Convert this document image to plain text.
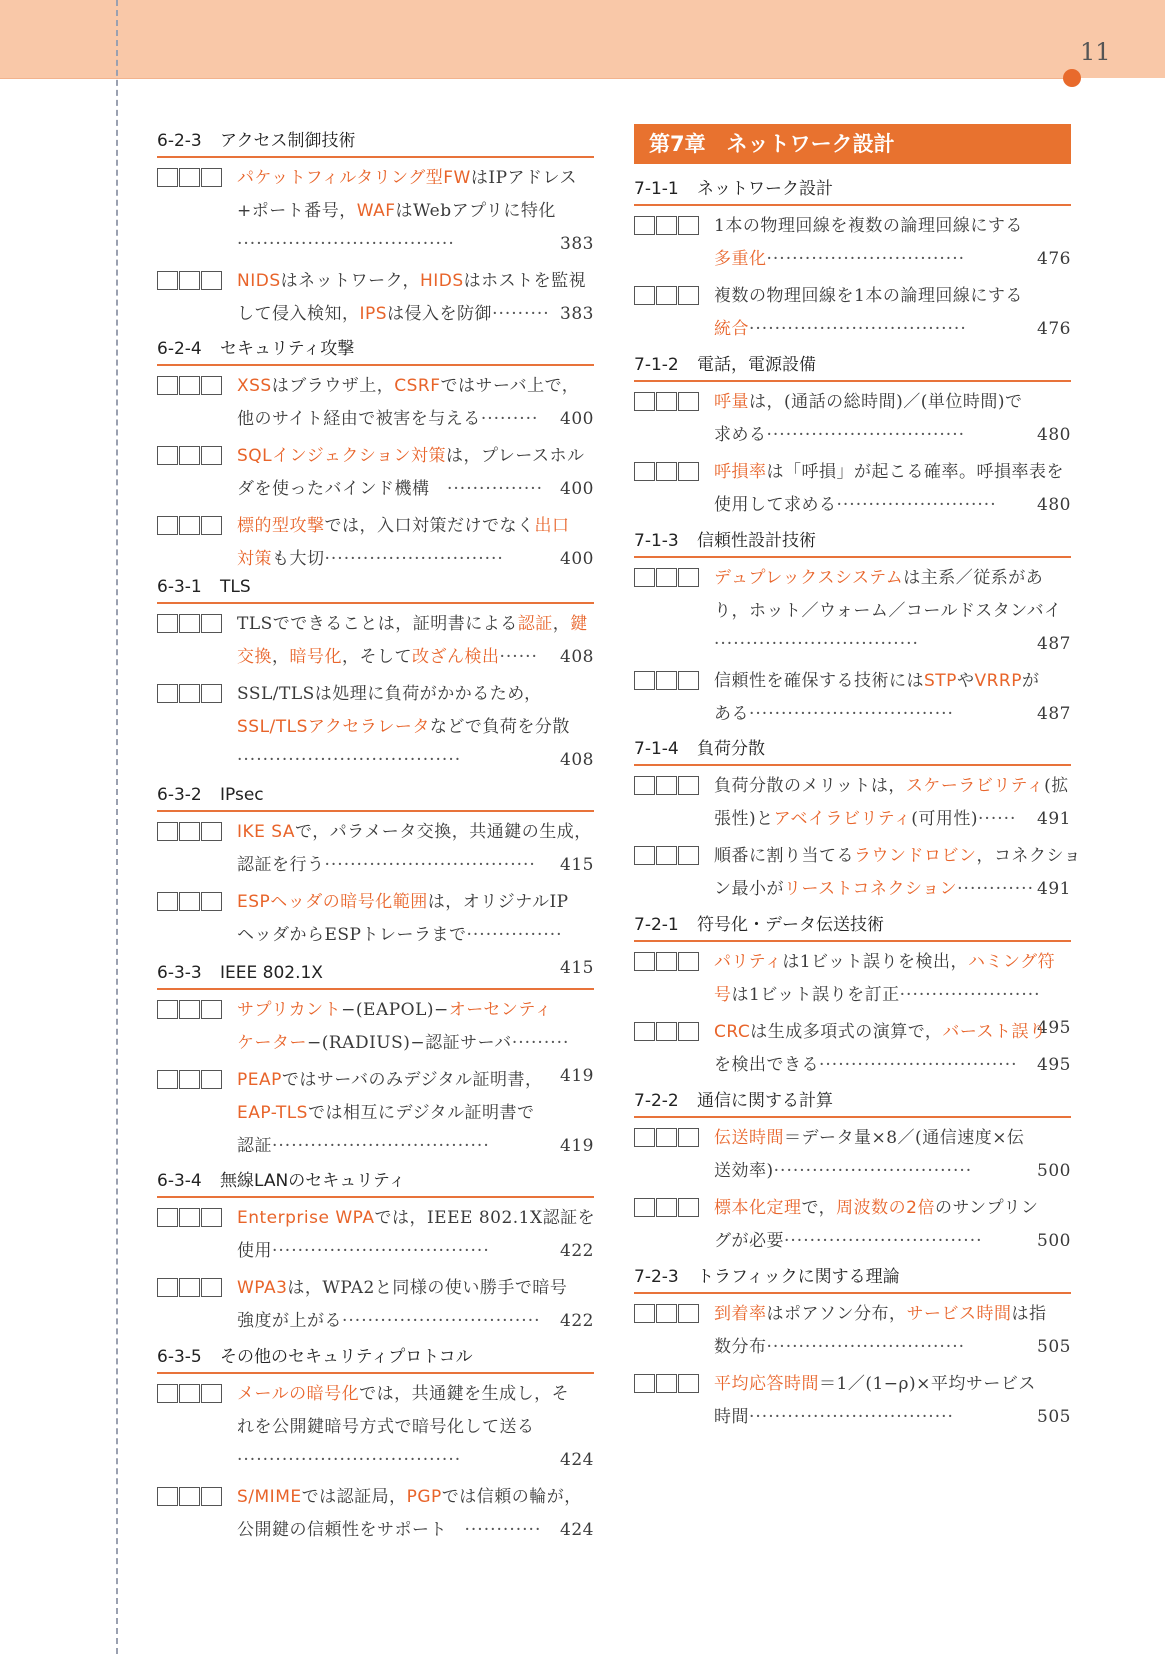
11
6-2-3 アクセス制御技術
パケットフィルタリング型FWはIPアドレス
+ポート番号，WAFはWebアプリに特化
··································	383
NIDSはネットワーク，HIDSはホストを監視
して侵入検知，IPSは侵入を防御········· 383
6-2-4 セキュリティ攻撃
XSSはブラウザ上，CSRFではサーバ上で，
他のサイト経由で被害を与える········· 400
SQLインジェクション対策は，プレースホル
ダを使ったバインド機構　··············· 400
標的型攻撃では，入口対策だけでなく出口
対策も大切····························	400
6-3-1 TLS
TLSでできることは，証明書による認証，鍵
交換，暗号化，そして改ざん検出······ 408
SSL/TLSは処理に負荷がかかるため，
SSL/TLSアクセラレータなどで負荷を分散
···································	408
6-3-2 IPsec
IKE SAで，パラメータ交換，共通鍵の生成，
認証を行う································· 415
ESPヘッダの暗号化範囲は，オリジナルIP
ヘッダからESPトレーラまで···············
415
6-3-3 IEEE 802.1X
サプリカント−(EAPOL)−オーセンティ
ケーター−(RADIUS)−認証サーバ·········
419
PEAPではサーバのみデジタル証明書，
EAP-TLSでは相互にデジタル証明書で
認証··································	419
6-3-4 無線LANのセキュリティ
Enterprise WPAでは，IEEE 802.1X認証を
使用··································	422
WPA3は，WPA2と同様の使い勝手で暗号
強度が上がる······························· 422
6-3-5 その他のセキュリティプロトコル
メールの暗号化では，共通鍵を生成し，そ
れを公開鍵暗号方式で暗号化して送る
···································	424
S/MIMEでは認証局，PGPでは信頼の輪が，
公開鍵の信頼性をサポート　············ 424
第7章　 ネットワーク設計
7-1-1 ネットワーク設計
1本の物理回線を複数の論理回線にする
多重化·······························	476
複数の物理回線を1本の論理回線にする
統合··································	476
7-1-2 電話，電源設備
呼量は，(通話の総時間)／(単位時間)で
求める·······························	480
呼損率は「呼損」が起こる確率。呼損率表を
使用して求める························· 480
7-1-3 信頼性設計技術
デュプレックスシステムは主系／従系があ
り，ホット／ウォーム／コールドスタンバイ
································	487
信頼性を確保する技術にはSTPやVRRPが
ある································	487
7-1-4 負荷分散
負荷分散のメリットは，スケーラビリティ(拡
張性)とアベイラビリティ(可用性)······ 491
順番に割り当てるラウンドロビン，コネクショ
ン最小がリーストコネクション············ 491
7-2-1 符号化・データ伝送技術
パリティは1ビット誤りを検出，ハミング符
号は1ビット誤りを訂正······················
495
CRCは生成多項式の演算で，バースト誤り
を検出できる······························· 495
7-2-2 通信に関する計算
伝送時間＝データ量×8／(通信速度×伝
送効率)·······························	500
標本化定理で，周波数の2倍のサンプリン
グが必要·······························	500
7-2-3 トラフィックに関する理論
到着率はポアソン分布，サービス時間は指
数分布·······························	505
平均応答時間＝1／(1−ρ)×平均サービス
時間································	505
